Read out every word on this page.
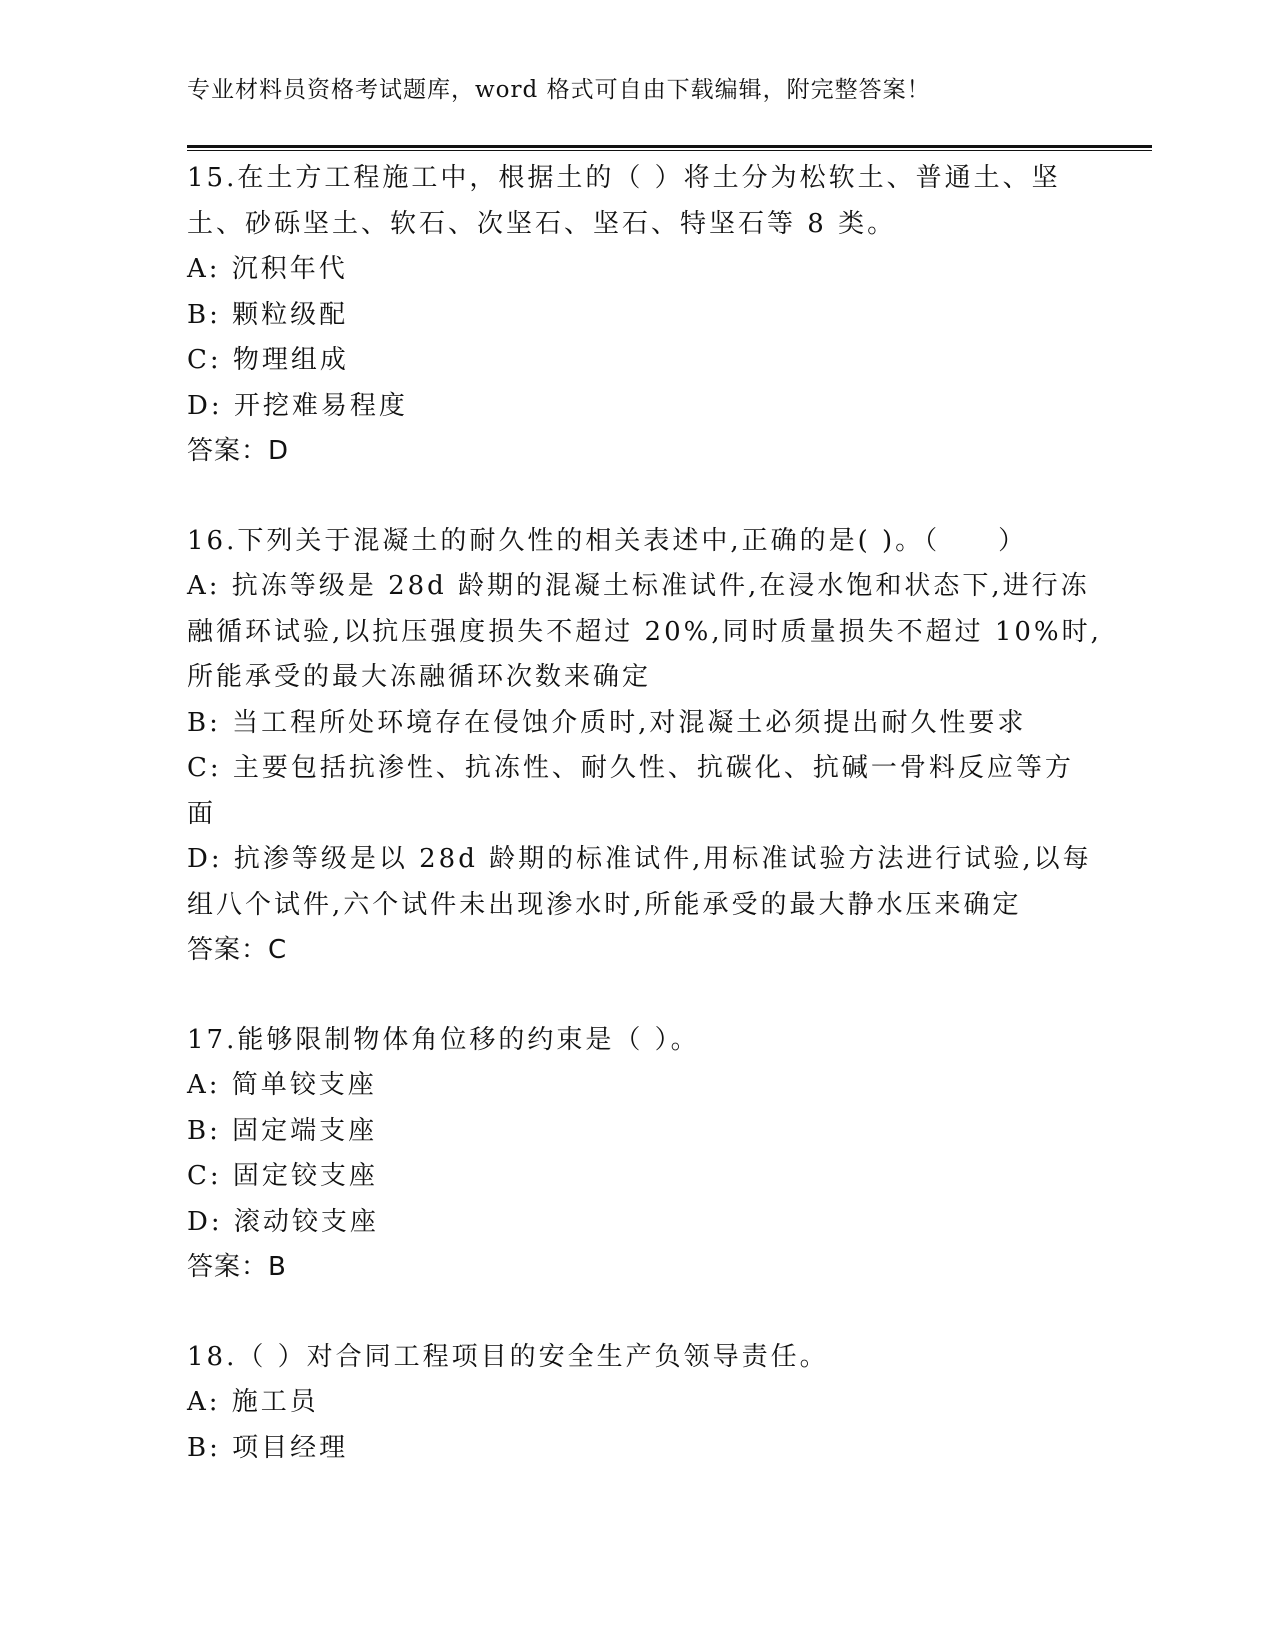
专业材料员资格考试题库，word 格式可自由下载编辑，附完整答案！
15.在土方工程施工中，根据土的（ ）将土分为松软土、普通土、坚
土、砂砾坚土、软石、次坚石、坚石、特坚石等 8 类。
A: 沉积年代
B: 颗粒级配
C: 物理组成
D: 开挖难易程度
答案：D
16.下列关于混凝土的耐久性的相关表述中,正确的是( )。（　　）
A: 抗冻等级是 28d 龄期的混凝土标准试件,在浸水饱和状态下,进行冻
融循环试验,以抗压强度损失不超过 20%,同时质量损失不超过 10%时,
所能承受的最大冻融循环次数来确定
B: 当工程所处环境存在侵蚀介质时,对混凝土必须提出耐久性要求
C: 主要包括抗渗性、抗冻性、耐久性、抗碳化、抗碱一骨料反应等方
面
D: 抗渗等级是以 28d 龄期的标准试件,用标准试验方法进行试验,以每
组八个试件,六个试件未出现渗水时,所能承受的最大静水压来确定
答案：C
17.能够限制物体角位移的约束是（ ）。
A: 简单铰支座
B: 固定端支座
C: 固定铰支座
D: 滚动铰支座
答案：B
18.（ ）对合同工程项目的安全生产负领导责任。
A: 施工员
B: 项目经理
